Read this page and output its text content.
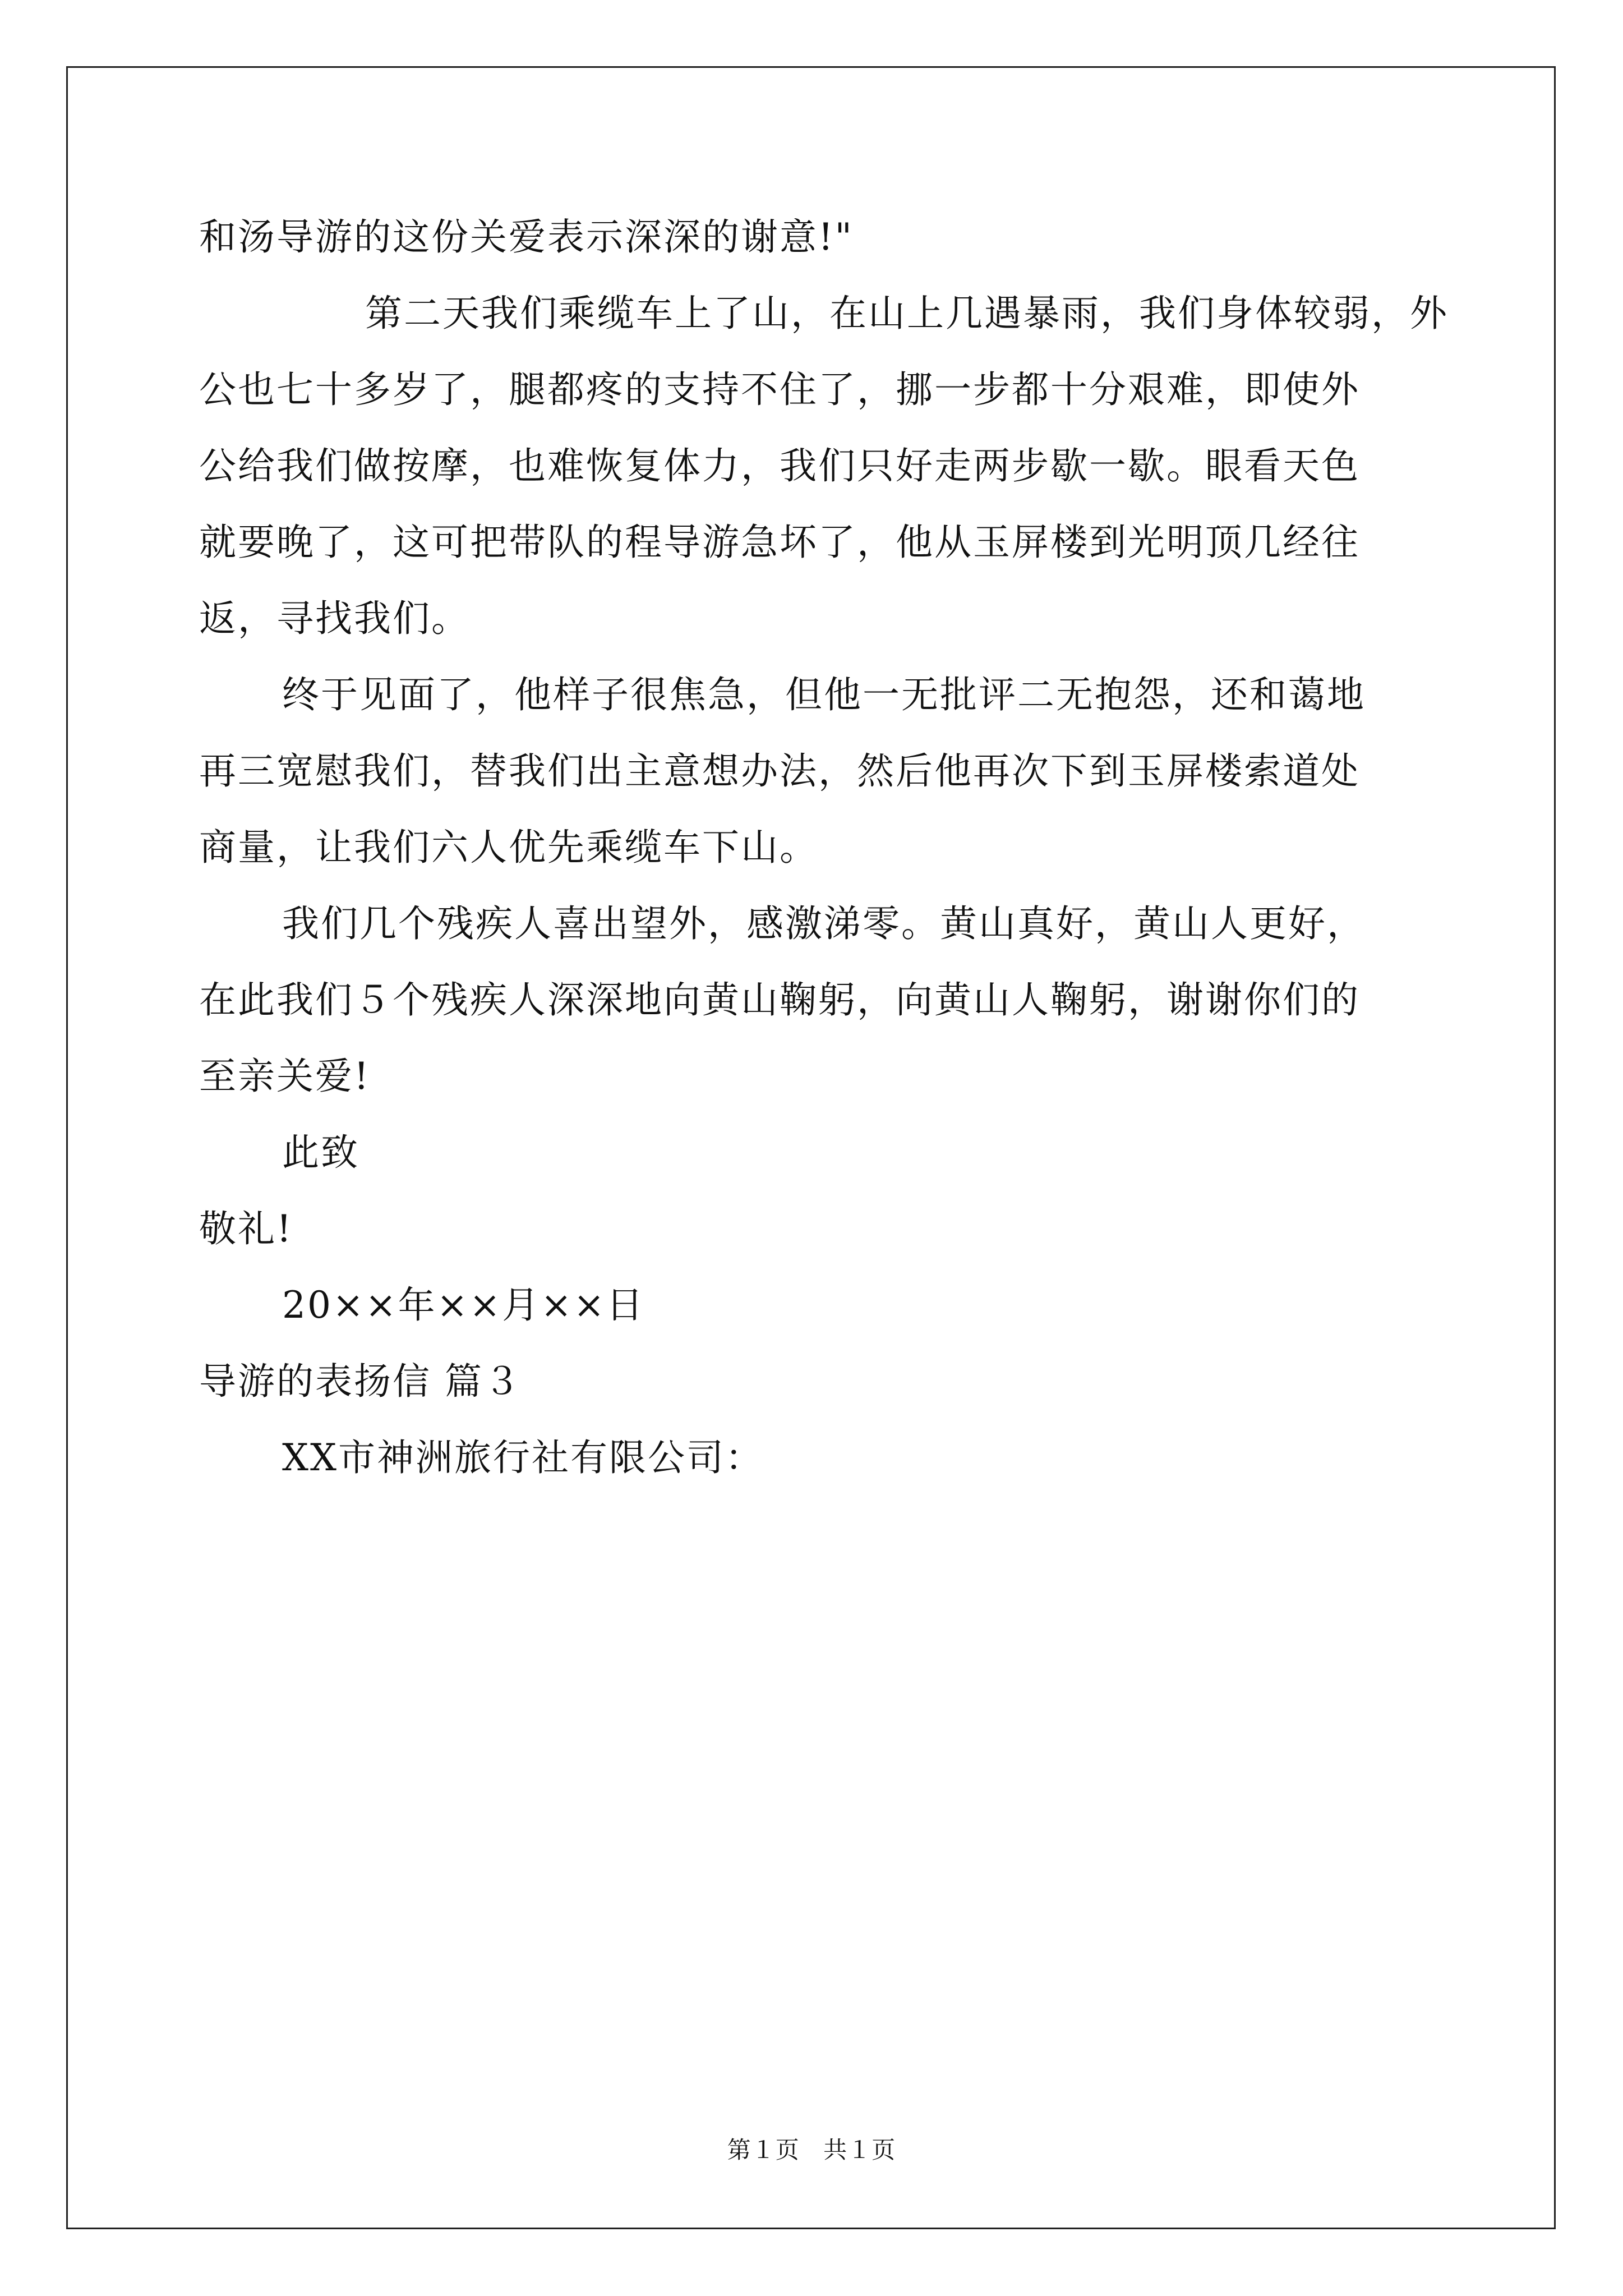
和汤导游的这份关爱表示深深的谢意!"
第二天我们乘缆车上了山，在山上几遇暴雨，我们身体较弱，外
公也七十多岁了，腿都疼的支持不住了，挪一步都十分艰难，即使外
公给我们做按摩，也难恢复体力，我们只好走两步歇一歇。眼看天色
就要晚了，这可把带队的程导游急坏了，他从玉屏楼到光明顶几经往
返，寻找我们。
终于见面了，他样子很焦急，但他一无批评二无抱怨，还和蔼地
再三宽慰我们，替我们出主意想办法，然后他再次下到玉屏楼索道处
商量，让我们六人优先乘缆车下山。
我们几个残疾人喜出望外，感激涕零。黄山真好，黄山人更好，
在此我们５个残疾人深深地向黄山鞠躬，向黄山人鞠躬，谢谢你们的
至亲关爱!
此致
敬礼!
20××年××月××日
导游的表扬信 篇３
XX市神洲旅行社有限公司：
第１页 共１页
